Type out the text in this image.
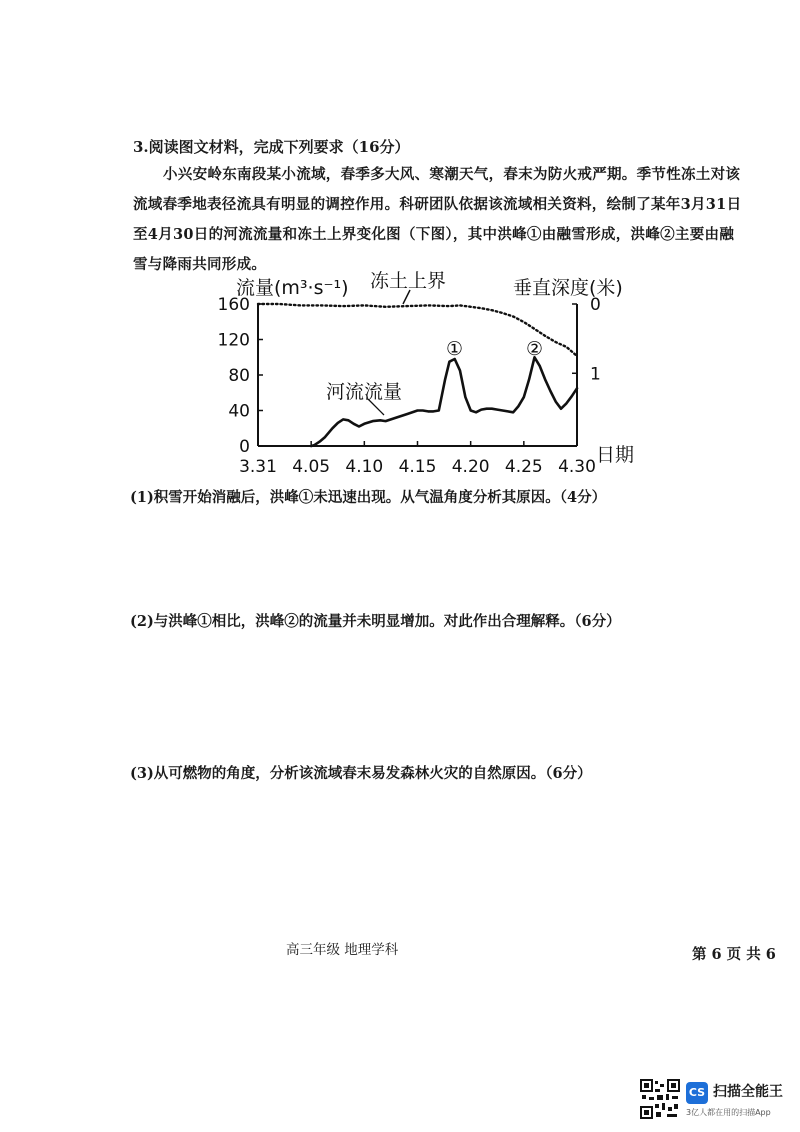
3.阅读图文材料，完成下列要求（16分）
小兴安岭东南段某小流域，春季多大风、寒潮天气，春末为防火戒严期。季节性冻土对该流域春季地表径流具有明显的调控作用。科研团队依据该流域相关资料，绘制了某年3月31日至4月30日的河流流量和冻土上界变化图（下图），其中洪峰①由融雪形成，洪峰②主要由融雪与降雨共同形成。
3.31 4.05 4.10 4.15 4.20 4.25 4.30
0
40
80
120
160	0
1
流量(m³·s⁻¹)	垂直深度(米)
日期
冻土上界
河流流量
①	②
(1)积雪开始消融后，洪峰①未迅速出现。从气温角度分析其原因。（4分）
(2)与洪峰①相比，洪峰②的流量并未明显增加。对此作出合理解释。（6分）
(3)从可燃物的角度，分析该流域春末易发森林火灾的自然原因。（6分）
高三年级 地理学科	第 6 页 共 6
CS 扫描全能王
3亿人都在用的扫描App
